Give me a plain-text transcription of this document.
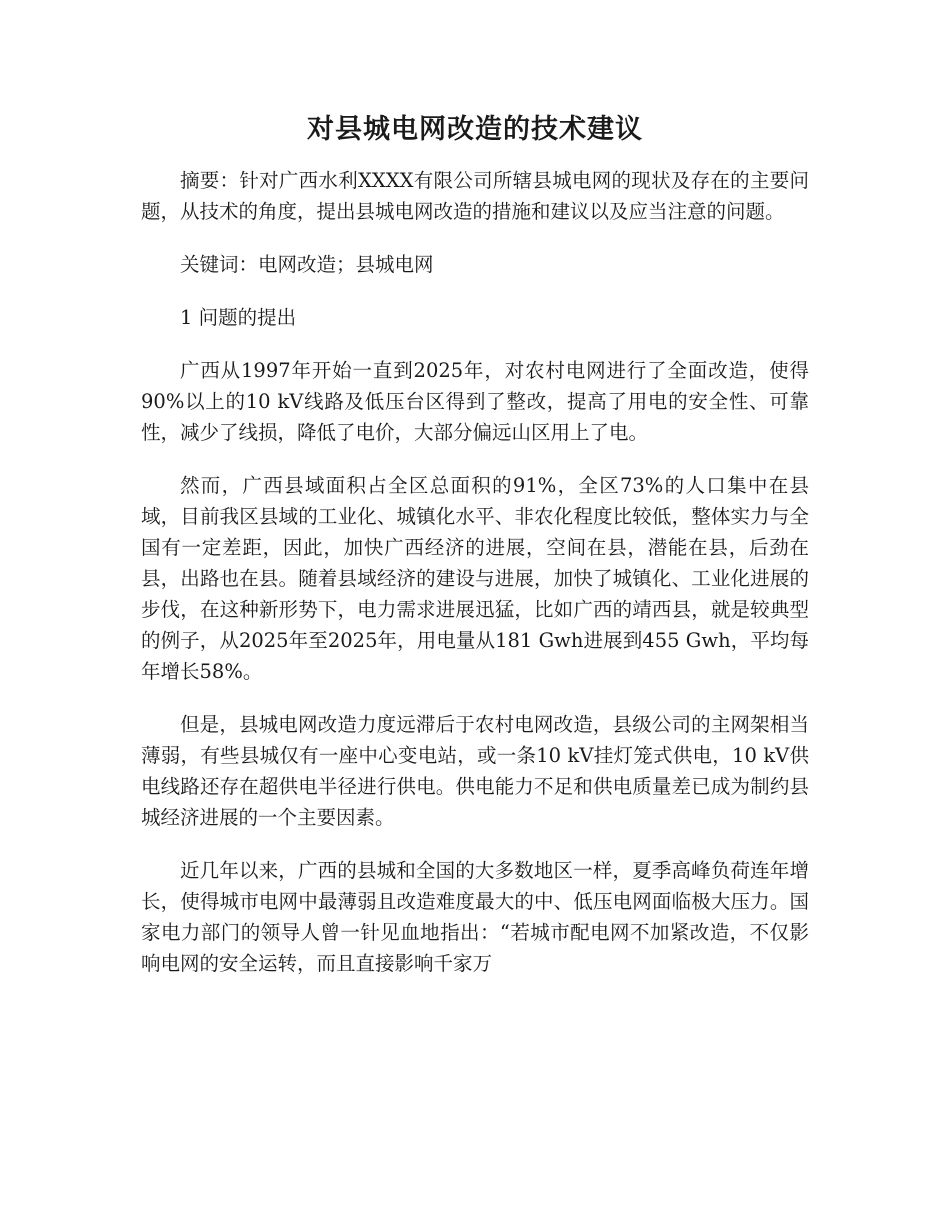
对县城电网改造的技术建议

摘要：针对广西水利XXXX有限公司所辖县城电网的现状及存在的主要问题，从技术的角度，提出县城电网改造的措施和建议以及应当注意的问题。

关键词：电网改造；县城电网

1 问题的提出

广西从1997年开始一直到2025年，对农村电网进行了全面改造，使得90%以上的10 kV线路及低压台区得到了整改，提高了用电的安全性、可靠性，减少了线损，降低了电价，大部分偏远山区用上了电。

然而，广西县域面积占全区总面积的91%，全区73%的人口集中在县域，目前我区县域的工业化、城镇化水平、非农化程度比较低，整体实力与全国有一定差距，因此，加快广西经济的进展，空间在县，潜能在县，后劲在县，出路也在县。随着县域经济的建设与进展，加快了城镇化、工业化进展的步伐，在这种新形势下，电力需求进展迅猛，比如广西的靖西县，就是较典型的例子，从2025年至2025年，用电量从181 Gwh进展到455 Gwh，平均每年增长58%。

但是，县城电网改造力度远滞后于农村电网改造，县级公司的主网架相当薄弱，有些县城仅有一座中心变电站，或一条10 kV挂灯笼式供电，10 kV供电线路还存在超供电半径进行供电。供电能力不足和供电质量差已成为制约县城经济进展的一个主要因素。

近几年以来，广西的县城和全国的大多数地区一样，夏季高峰负荷连年增长，使得城市电网中最薄弱且改造难度最大的中、低压电网面临极大压力。国家电力部门的领导人曾一针见血地指出：“若城市配电网不加紧改造，不仅影响电网的安全运转，而且直接影响千家万
